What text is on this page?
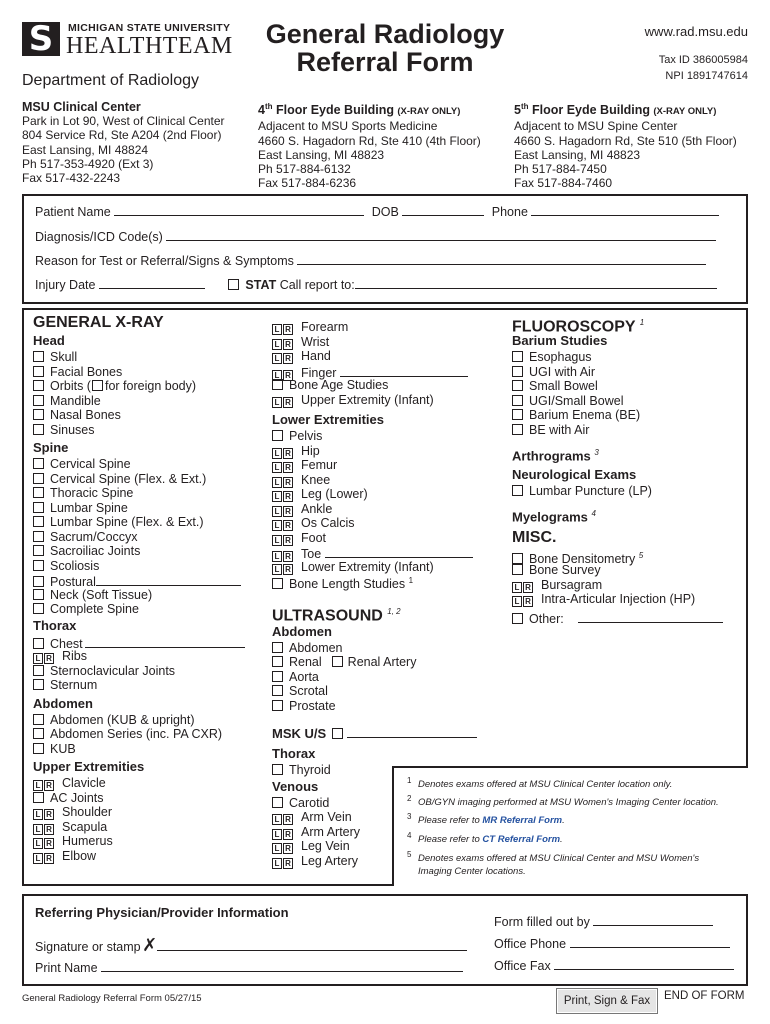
S	MICHIGAN STATE UNIVERSITY
HEALTHTEAM
Department of Radiology
General Radiology
Referral Form
www.rad.msu.edu
Tax ID 386005984
NPI 1891747614
MSU Clinical Center
Park in Lot 90, West of Clinical Center
804 Service Rd, Ste A204 (2nd Floor)
East Lansing, MI 48824
Ph 517-353-4920 (Ext 3)
Fax 517-432-2243
4th Floor Eyde Building (X-RAY ONLY)
Adjacent to MSU Sports Medicine
4660 S. Hagadorn Rd, Ste 410 (4th Floor)
East Lansing, MI 48823
Ph 517-884-6132
Fax 517-884-6236
5th Floor Eyde Building (X-RAY ONLY)
Adjacent to MSU Spine Center
4660 S. Hagadorn Rd, Ste 510 (5th Floor)
East Lansing, MI 48823
Ph 517-884-7450
Fax 517-884-7460
Patient Name	DOB	Phone
Diagnosis/ICD Code(s)
Reason for Test or Referral/Signs & Symptoms
Injury Date	STAT Call report to:
GENERAL X-RAY
Head
Skull
Facial Bones
Orbits ( for foreign body)
Mandible
Nasal Bones
Sinuses
Spine
Cervical Spine
Cervical Spine (Flex. & Ext.)
Thoracic Spine
Lumbar Spine
Lumbar Spine (Flex. & Ext.)
Sacrum/Coccyx
Sacroiliac Joints
Scoliosis
Postural
Neck (Soft Tissue)
Complete Spine
Thorax
Chest
L R Ribs
Sternoclavicular Joints
Sternum
Abdomen
Abdomen (KUB & upright)
Abdomen Series (inc. PA CXR)
KUB
Upper Extremities
L R Clavicle
AC Joints
L R Shoulder
L R Scapula
L R Humerus
L R Elbow
L R Forearm
L R Wrist
L R Hand
L R Finger
Bone Age Studies
L R Upper Extremity (Infant)
Lower Extremities
Pelvis
L R Hip
L R Femur
L R Knee
L R Leg (Lower)
L R Ankle
L R Os Calcis
L R Foot
L R Toe
L R Lower Extremity (Infant)
Bone Length Studies $^1$
ULTRASOUND $^{1, 2}$
Abdomen
Abdomen
Renal Renal Artery
Aorta
Scrotal
Prostate
MSK U/S
Thorax
Thyroid
Venous
Carotid
L R Arm Vein
L R Arm Artery
L R Leg Vein
L R Leg Artery
FLUOROSCOPY $^1$
Barium Studies
Esophagus
UGI with Air
Small Bowel
UGI/Small Bowel
Barium Enema (BE)
BE with Air
Arthrograms $^3$
Neurological Exams
Lumbar Puncture (LP)
Myelograms $^4$
MISC.
Bone Densitometry $^5$
Bone Survey
L R Bursagram
L R Intra-Articular Injection (HP)
Other:
1 Denotes exams offered at MSU Clinical Center location only.
2 OB/GYN imaging performed at MSU Women's Imaging Center location.
3 Please refer to MR Referral Form.
4 Please refer to CT Referral Form.
5 Denotes exams offered at MSU Clinical Center and MSU Women's
Imaging Center locations.
Referring Physician/Provider Information
Signature or stamp ✗
Print Name
Form filled out by
Office Phone
Office Fax
General Radiology Referral Form 05/27/15	Print, Sign & Fax	END OF FORM
